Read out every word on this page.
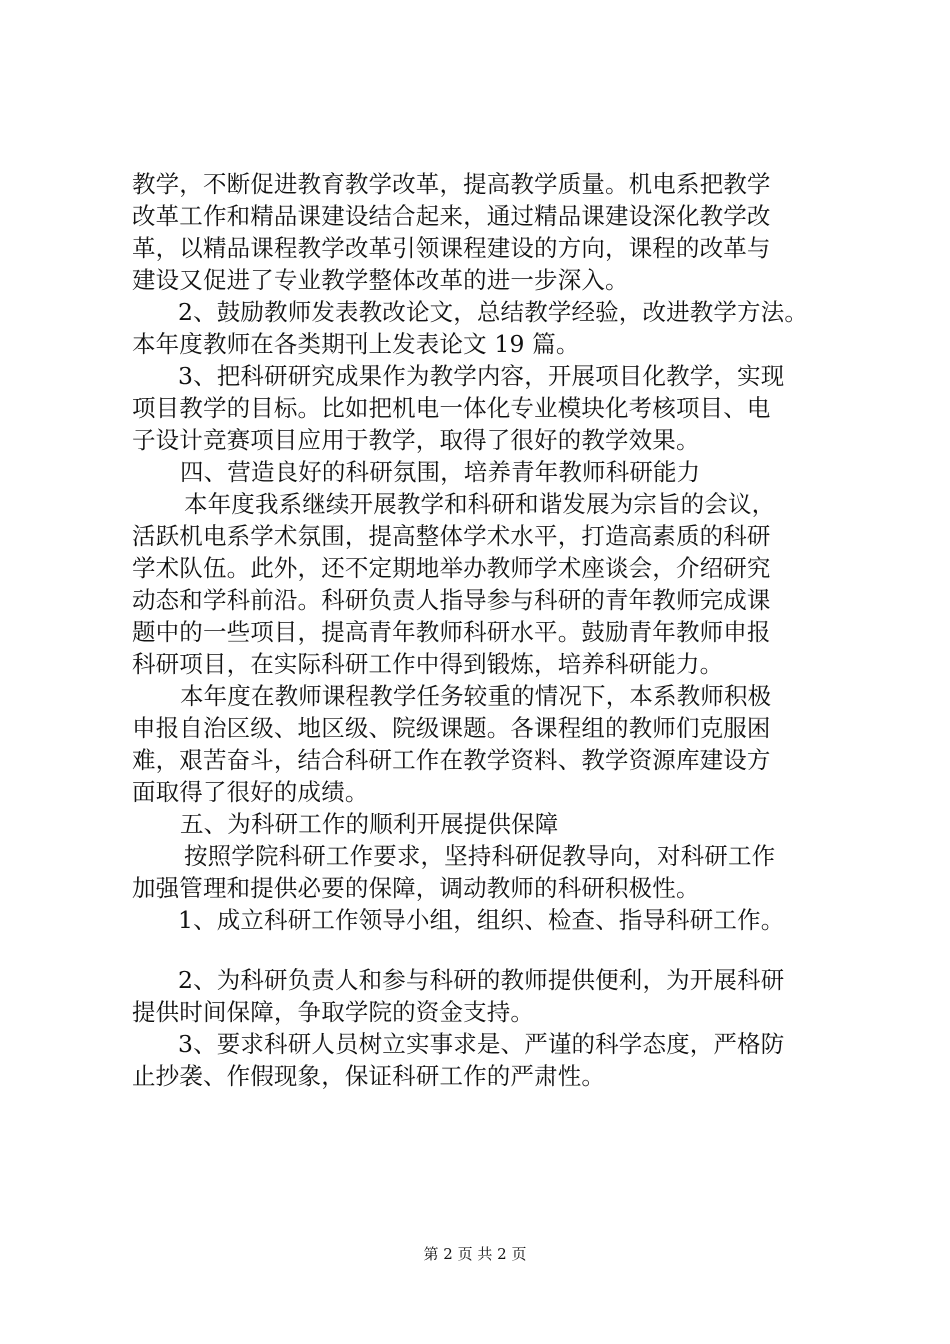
教学，不断促进教育教学改革，提高教学质量。机电系把教学
改革工作和精品课建设结合起来，通过精品课建设深化教学改
革，以精品课程教学改革引领课程建设的方向，课程的改革与
建设又促进了专业教学整体改革的进一步深入。
2、鼓励教师发表教改论文，总结教学经验，改进教学方法。
本年度教师在各类期刊上发表论文 19 篇。
3、把科研研究成果作为教学内容，开展项目化教学，实现
项目教学的目标。比如把机电一体化专业模块化考核项目、电
子设计竞赛项目应用于教学，取得了很好的教学效果。
四、营造良好的科研氛围，培养青年教师科研能力
本年度我系继续开展教学和科研和谐发展为宗旨的会议，
活跃机电系学术氛围，提高整体学术水平，打造高素质的科研
学术队伍。此外，还不定期地举办教师学术座谈会，介绍研究
动态和学科前沿。科研负责人指导参与科研的青年教师完成课
题中的一些项目，提高青年教师科研水平。鼓励青年教师申报
科研项目，在实际科研工作中得到锻炼，培养科研能力。
本年度在教师课程教学任务较重的情况下，本系教师积极
申报自治区级、地区级、院级课题。各课程组的教师们克服困
难，艰苦奋斗，结合科研工作在教学资料、教学资源库建设方
面取得了很好的成绩。
五、为科研工作的顺利开展提供保障
按照学院科研工作要求，坚持科研促教导向，对科研工作
加强管理和提供必要的保障，调动教师的科研积极性。
1、成立科研工作领导小组，组织、检查、指导科研工作。
2、为科研负责人和参与科研的教师提供便利，为开展科研
提供时间保障，争取学院的资金支持。
3、要求科研人员树立实事求是、严谨的科学态度，严格防
止抄袭、作假现象，保证科研工作的严肃性。
第 2 页 共 2 页
